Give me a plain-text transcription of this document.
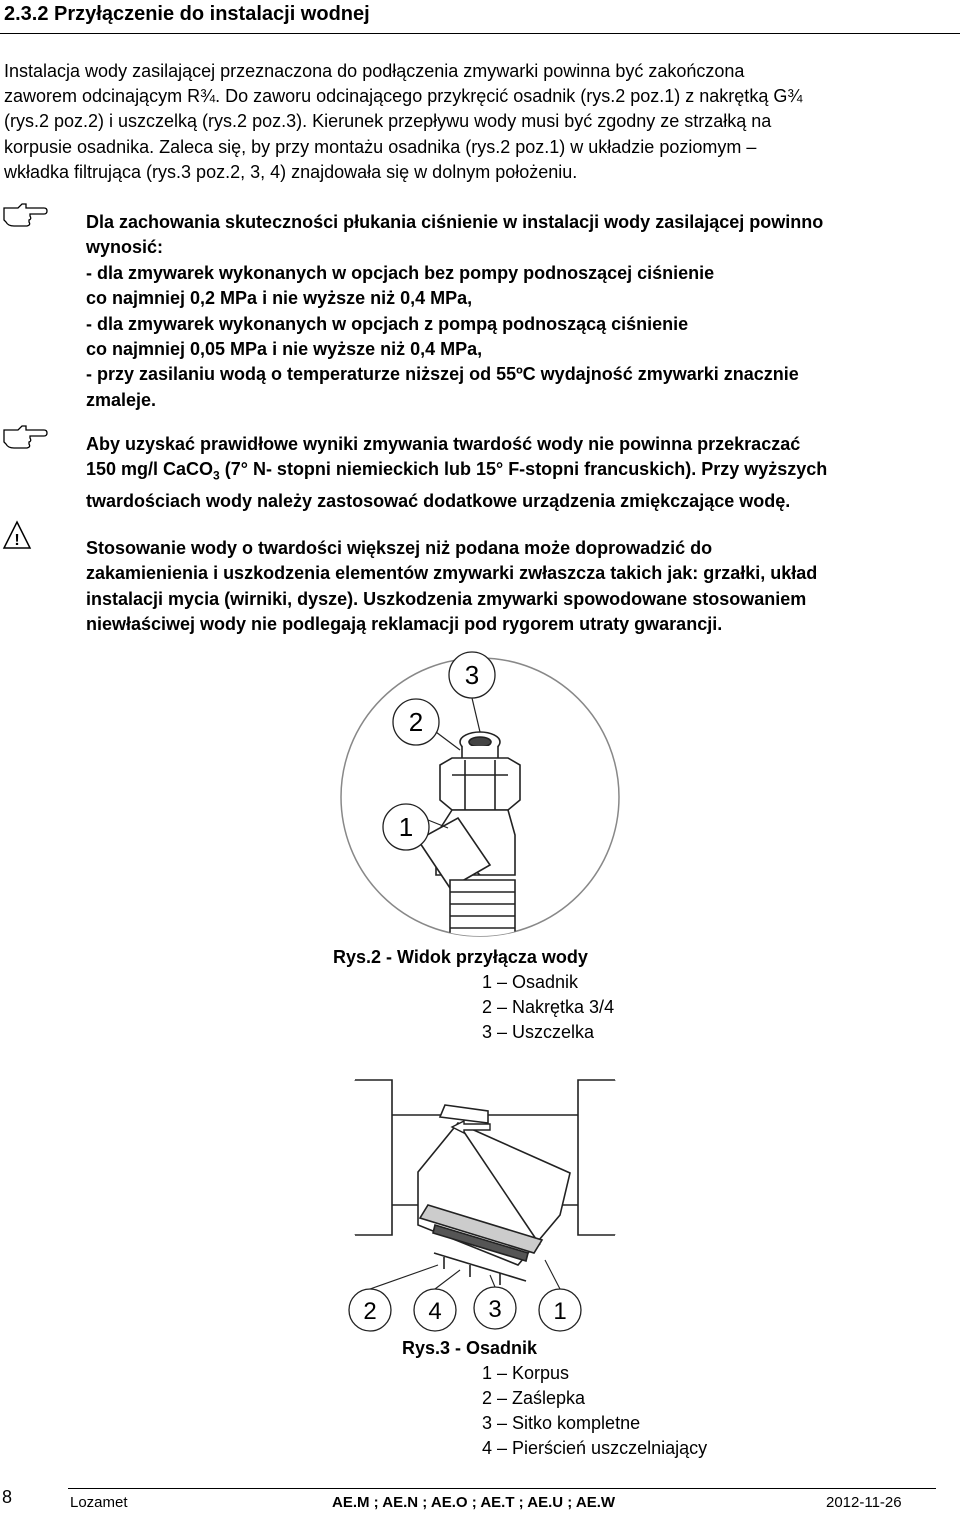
2.3.2 Przyłączenie do instalacji wodnej
Instalacja wody zasilającej przeznaczona do podłączenia zmywarki powinna być zakończona
zaworem odcinającym R¾. Do zaworu odcinającego przykręcić osadnik (rys.2 poz.1) z nakrętką G¾
(rys.2 poz.2) i uszczelką (rys.2 poz.3). Kierunek przepływu wody musi być zgodny ze strzałką na
korpusie osadnika. Zaleca się, by przy montażu osadnika (rys.2 poz.1) w układzie poziomym –
wkładka filtrująca (rys.3 poz.2, 3, 4) znajdowała się w dolnym położeniu.
Dla zachowania skuteczności płukania ciśnienie w instalacji wody zasilającej powinno
wynosić:
- dla zmywarek wykonanych w opcjach bez pompy podnoszącej ciśnienie
co najmniej 0,2 MPa i nie wyższe niż 0,4 MPa,
- dla zmywarek wykonanych w opcjach z pompą podnoszącą ciśnienie
co najmniej 0,05 MPa i nie wyższe niż 0,4 MPa,
- przy zasilaniu wodą o temperaturze niższej od 55ºC wydajność zmywarki znacznie
zmaleje.
Aby uzyskać prawidłowe wyniki zmywania twardość wody nie powinna przekraczać
150 mg/l CaCO$_3$ (7° N- stopni niemieckich lub 15° F-stopni francuskich). Przy wyższych
twardościach wody należy zastosować dodatkowe urządzenia zmiękczające wodę.
!	Stosowanie wody o twardości większej niż podana może doprowadzić do
zakamienienia i uszkodzenia elementów zmywarki zwłaszcza takich jak: grzałki, układ
instalacji mycia (wirniki, dysze). Uszkodzenia zmywarki spowodowane stosowaniem
niewłaściwej wody nie podlegają reklamacji pod rygorem utraty gwarancji.
3
2
1
Rys.2 - Widok przyłącza wody
1 – Osadnik
2 – Nakrętka 3/4
3 – Uszczelka
2 4 3 1
Rys.3 - Osadnik
1 – Korpus
2 – Zaślepka
3 – Sitko kompletne
4 – Pierścień uszczelniający
8	Lozamet	AE.M ; AE.N ; AE.O ; AE.T ; AE.U ; AE.W	2012-11-26
